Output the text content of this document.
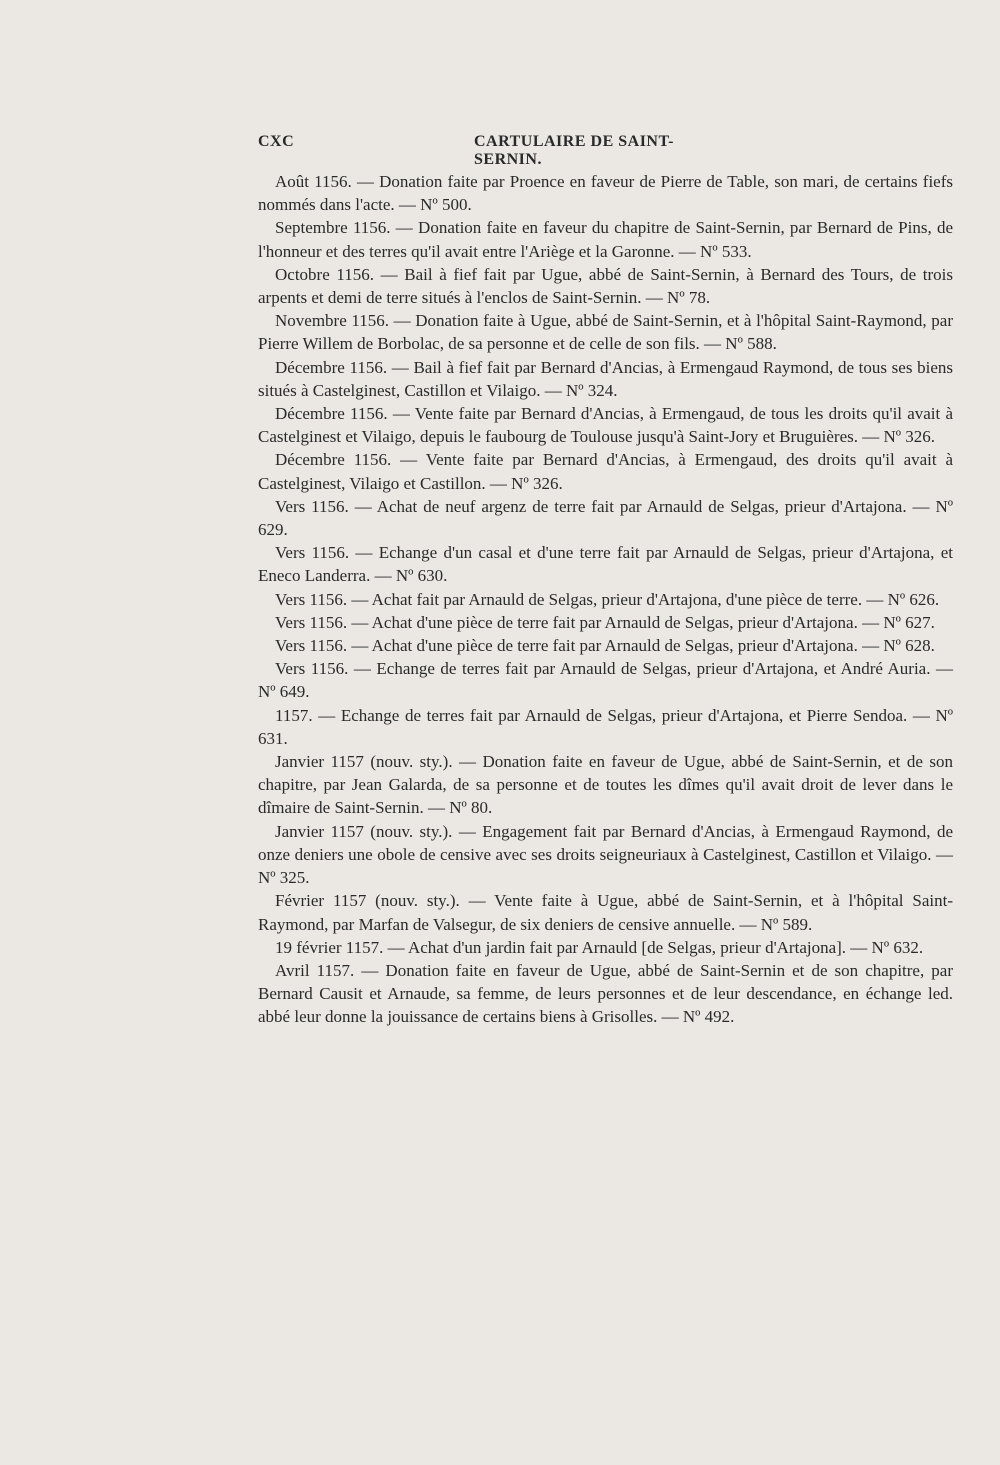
CXC	CARTULAIRE DE SAINT-SERNIN.

Août 1156. — Donation faite par Proence en faveur de Pierre de Table, son mari, de certains fiefs nommés dans l'acte. — Nº 500.

Septembre 1156. — Donation faite en faveur du chapitre de Saint-Sernin, par Bernard de Pins, de l'honneur et des terres qu'il avait entre l'Ariège et la Garonne. — Nº 533.

Octobre 1156. — Bail à fief fait par Ugue, abbé de Saint-Sernin, à Bernard des Tours, de trois arpents et demi de terre situés à l'enclos de Saint-Sernin. — Nº 78.

Novembre 1156. — Donation faite à Ugue, abbé de Saint-Sernin, et à l'hôpital Saint-Raymond, par Pierre Willem de Borbolac, de sa personne et de celle de son fils. — Nº 588.

Décembre 1156. — Bail à fief fait par Bernard d'Ancias, à Ermengaud Raymond, de tous ses biens situés à Castelginest, Castillon et Vilaigo. — Nº 324.

Décembre 1156. — Vente faite par Bernard d'Ancias, à Ermengaud, de tous les droits qu'il avait à Castelginest et Vilaigo, depuis le faubourg de Toulouse jusqu'à Saint-Jory et Bruguières. — Nº 326.

Décembre 1156. — Vente faite par Bernard d'Ancias, à Ermengaud, des droits qu'il avait à Castelginest, Vilaigo et Castillon. — Nº 326.

Vers 1156. — Achat de neuf argenz de terre fait par Arnauld de Selgas, prieur d'Artajona. — Nº 629.

Vers 1156. — Echange d'un casal et d'une terre fait par Arnauld de Selgas, prieur d'Artajona, et Eneco Landerra. — Nº 630.

Vers 1156. — Achat fait par Arnauld de Selgas, prieur d'Artajona, d'une pièce de terre. — Nº 626.

Vers 1156. — Achat d'une pièce de terre fait par Arnauld de Selgas, prieur d'Artajona. — Nº 627.

Vers 1156. — Achat d'une pièce de terre fait par Arnauld de Selgas, prieur d'Artajona. — Nº 628.

Vers 1156. — Echange de terres fait par Arnauld de Selgas, prieur d'Artajona, et André Auria. — Nº 649.

1157. — Echange de terres fait par Arnauld de Selgas, prieur d'Artajona, et Pierre Sendoa. — Nº 631.

Janvier 1157 (nouv. sty.). — Donation faite en faveur de Ugue, abbé de Saint-Sernin, et de son chapitre, par Jean Galarda, de sa personne et de toutes les dîmes qu'il avait droit de lever dans le dîmaire de Saint-Sernin. — Nº 80.

Janvier 1157 (nouv. sty.). — Engagement fait par Bernard d'Ancias, à Ermengaud Raymond, de onze deniers une obole de censive avec ses droits seigneuriaux à Castelginest, Castillon et Vilaigo. — Nº 325.

Février 1157 (nouv. sty.). — Vente faite à Ugue, abbé de Saint-Sernin, et à l'hôpital Saint-Raymond, par Marfan de Valsegur, de six deniers de censive annuelle. — Nº 589.

19 février 1157. — Achat d'un jardin fait par Arnauld [de Selgas, prieur d'Artajona]. — Nº 632.

Avril 1157. — Donation faite en faveur de Ugue, abbé de Saint-Sernin et de son chapitre, par Bernard Causit et Arnaude, sa femme, de leurs personnes et de leur descendance, en échange led. abbé leur donne la jouissance de certains biens à Grisolles. — Nº 492.
